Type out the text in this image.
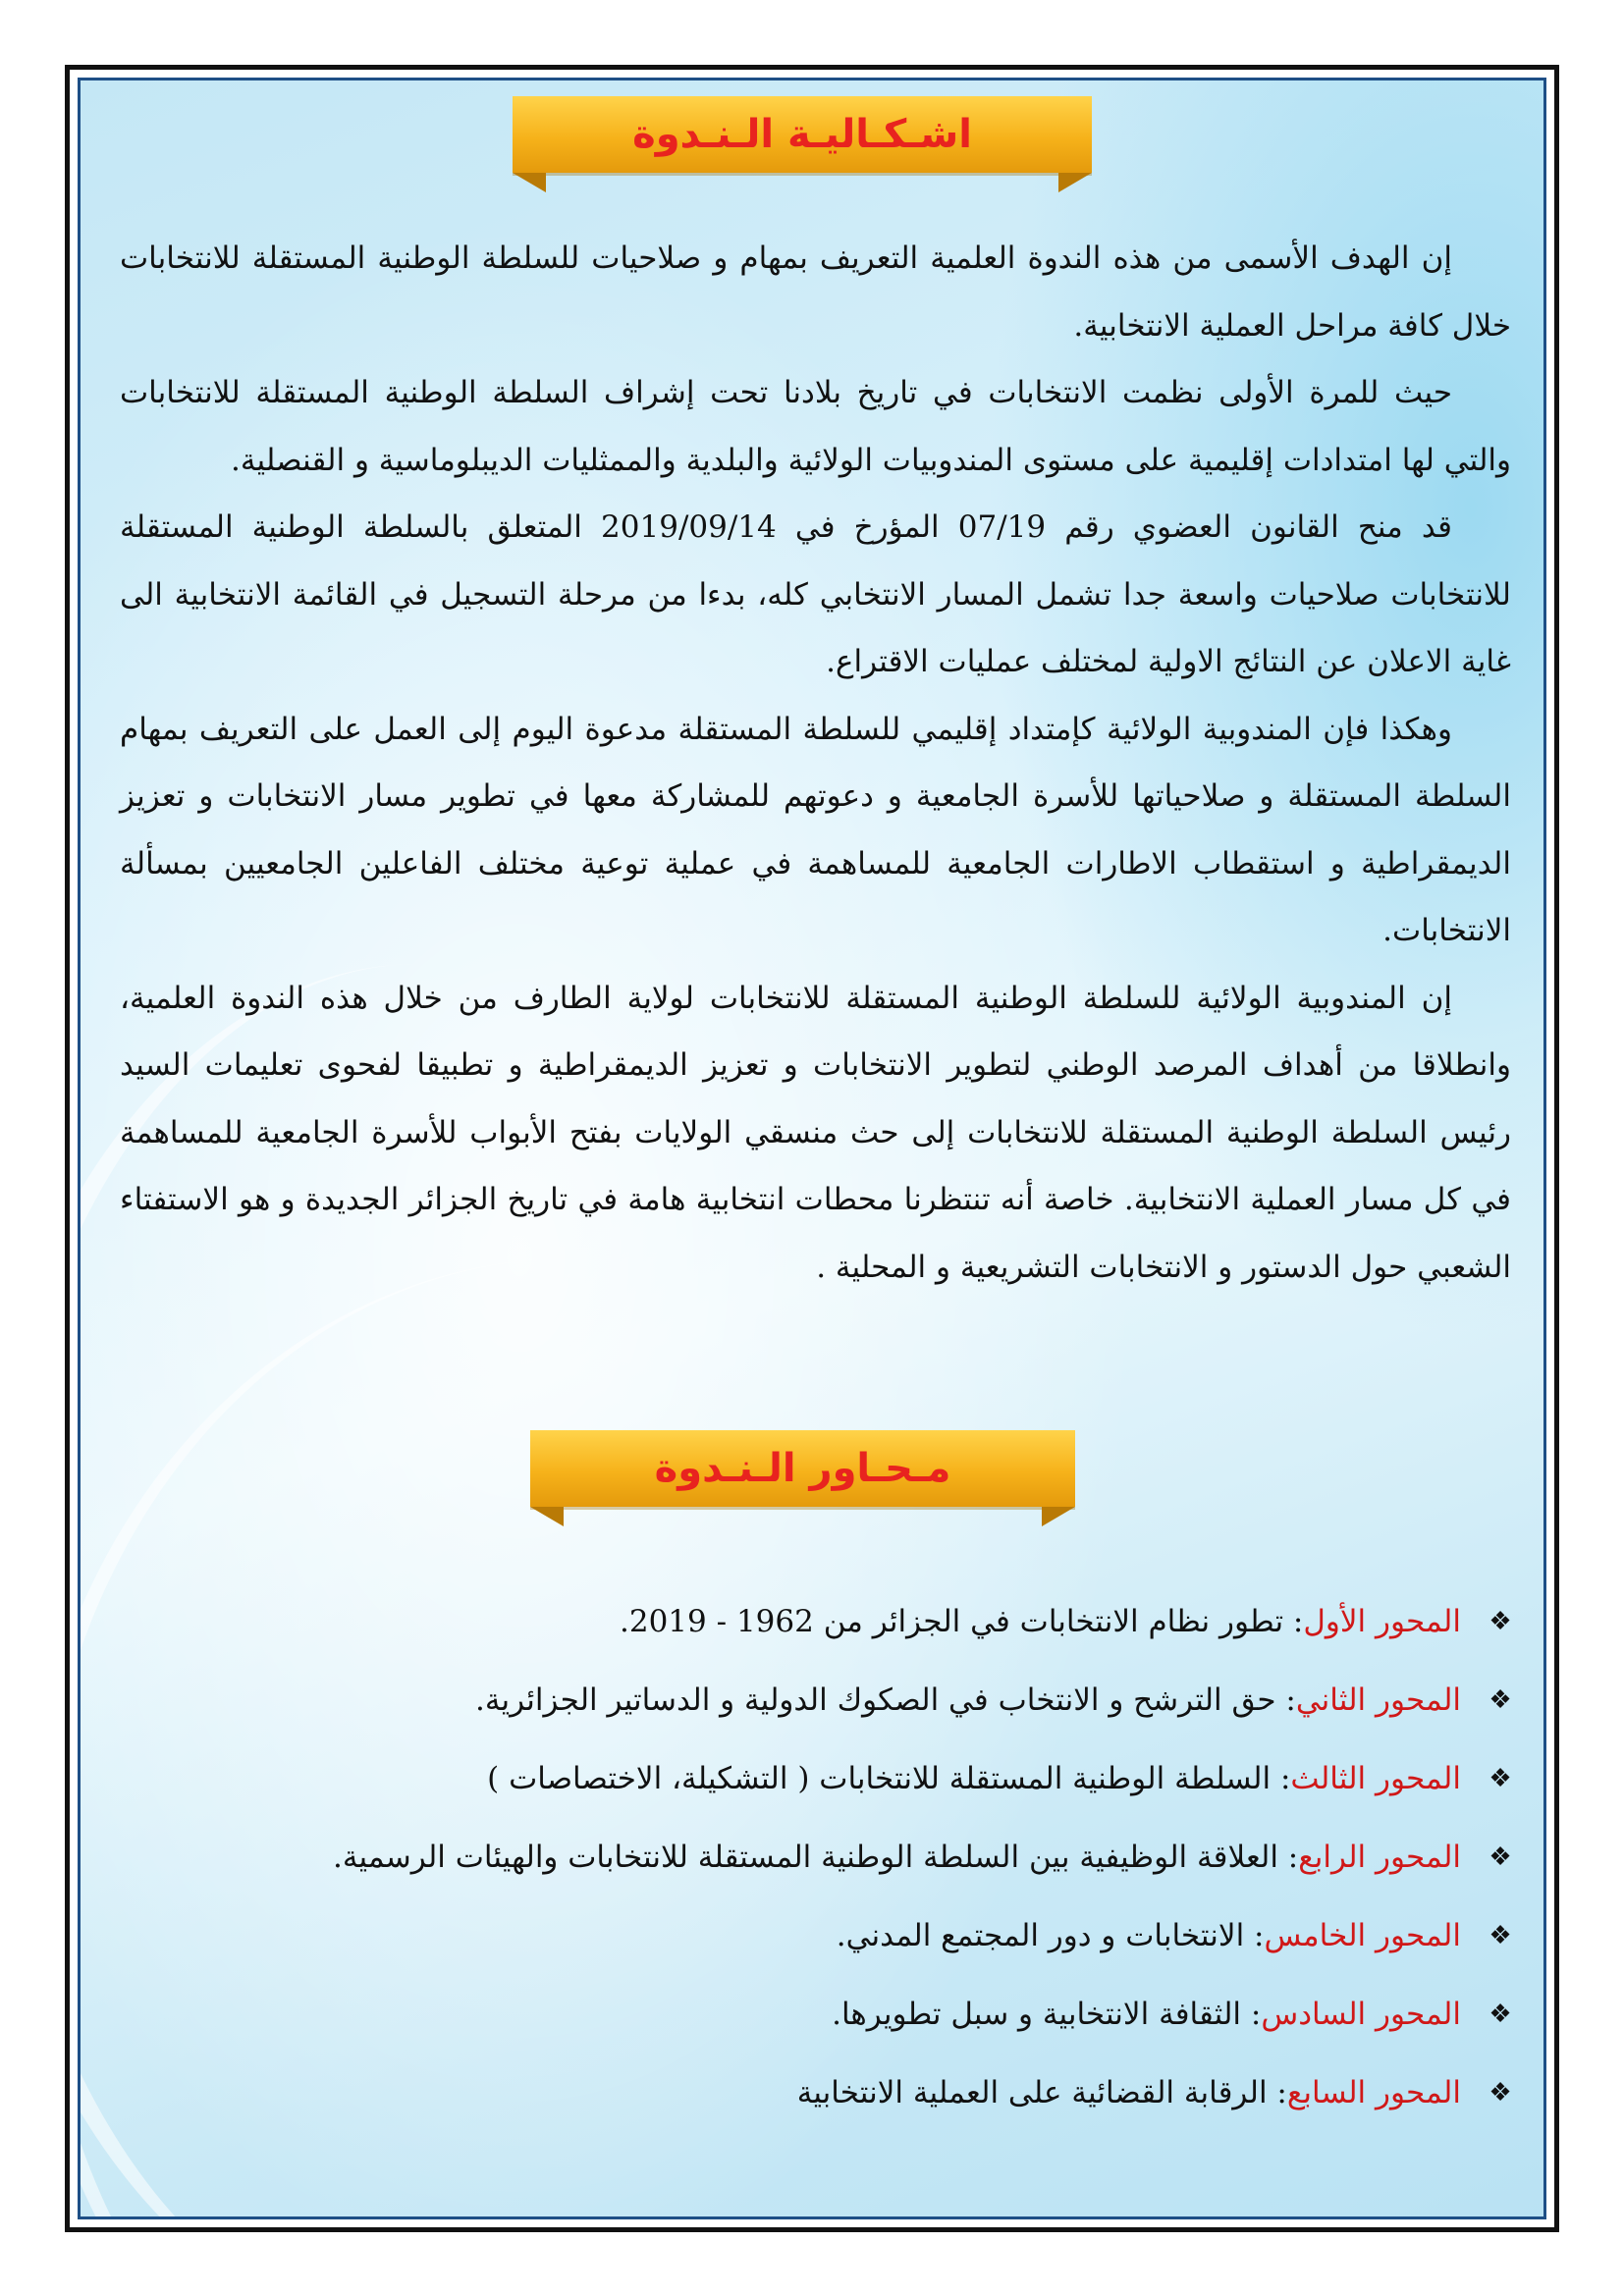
اشـكـاليـة الـنـدوة

إن الهدف الأسمى من هذه الندوة العلمية التعريف بمهام و صلاحيات للسلطة الوطنية المستقلة للانتخابات خلال كافة مراحل العملية الانتخابية.

حيث للمرة الأولى نظمت الانتخابات في تاريخ بلادنا تحت إشراف السلطة الوطنية المستقلة للانتخابات والتي لها امتدادات إقليمية على مستوى المندوبيات الولائية والبلدية والممثليات الديبلوماسية و القنصلية.

قد منح القانون العضوي رقم 07/19 المؤرخ في 2019/09/14 المتعلق بالسلطة الوطنية المستقلة للانتخابات صلاحيات واسعة جدا تشمل المسار الانتخابي كله، بدءا من مرحلة التسجيل في القائمة الانتخابية الى غاية الاعلان عن النتائج الاولية لمختلف عمليات الاقتراع.

وهكذا فإن المندوبية الولائية كإمتداد إقليمي للسلطة المستقلة مدعوة اليوم إلى العمل على التعريف بمهام السلطة المستقلة و صلاحياتها للأسرة الجامعية و دعوتهم للمشاركة معها في تطوير مسار الانتخابات و تعزيز الديمقراطية و استقطاب الاطارات الجامعية للمساهمة في عملية توعية مختلف الفاعلين الجامعيين بمسألة الانتخابات.

إن المندوبية الولائية للسلطة الوطنية المستقلة للانتخابات لولاية الطارف من خلال هذه الندوة العلمية، وانطلاقا من أهداف المرصد الوطني لتطوير الانتخابات و تعزيز الديمقراطية و تطبيقا لفحوى تعليمات السيد رئيس السلطة الوطنية المستقلة للانتخابات إلى حث منسقي الولايات بفتح الأبواب للأسرة الجامعية للمساهمة في كل مسار العملية الانتخابية. خاصة أنه تنتظرنا محطات انتخابية هامة في تاريخ الجزائر الجديدة و هو الاستفتاء الشعبي حول الدستور و الانتخابات التشريعية و المحلية .

مـحـاور الـنـدوة
❖
المحور الأول
: تطور نظام الانتخابات في الجزائر من 1962 - 2019.
❖
المحور الثاني
: حق الترشح و الانتخاب في الصكوك الدولية و الدساتير الجزائرية.
❖
المحور الثالث
: السلطة الوطنية المستقلة للانتخابات ( التشكيلة، الاختصاصات )
❖
المحور الرابع
: العلاقة الوظيفية بين السلطة الوطنية المستقلة للانتخابات والهيئات الرسمية.
❖
المحور الخامس
: الانتخابات و دور المجتمع المدني.
❖
المحور السادس
: الثقافة الانتخابية و سبل تطويرها.
❖
المحور السابع
: الرقابة القضائية على العملية الانتخابية
